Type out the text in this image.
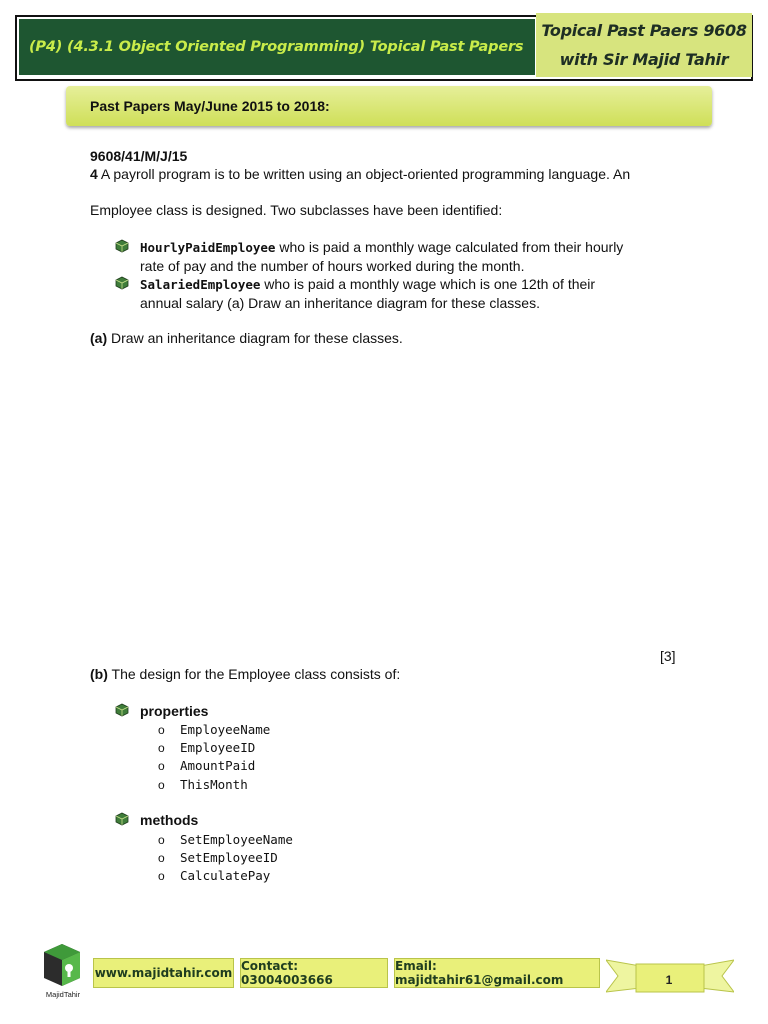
(P4) (4.3.1 Object Oriented Programming) Topical Past Papers
Topical Past Paers 9608
with Sir Majid Tahir
Past Papers May/June 2015 to 2018:
9608/41/M/J/15
4 A payroll program is to be written using an object-oriented programming language. An
Employee class is designed. Two subclasses have been identified:
HourlyPaidEmployee who is paid a monthly wage calculated from their hourly
rate of pay and the number of hours worked during the month.
SalariedEmployee who is paid a monthly wage which is one 12th of their
annual salary (a) Draw an inheritance diagram for these classes.
(a) Draw an inheritance diagram for these classes.
[3]
(b) The design for the Employee class consists of:
properties
o EmployeeName
o EmployeeID
o AmountPaid
o ThisMonth
methods
o SetEmployeeName
o SetEmployeeID
o CalculatePay
MajidTahir
www.majidtahir.com Contact: 03004003666
Email: majidtahir61@gmail.com	1
